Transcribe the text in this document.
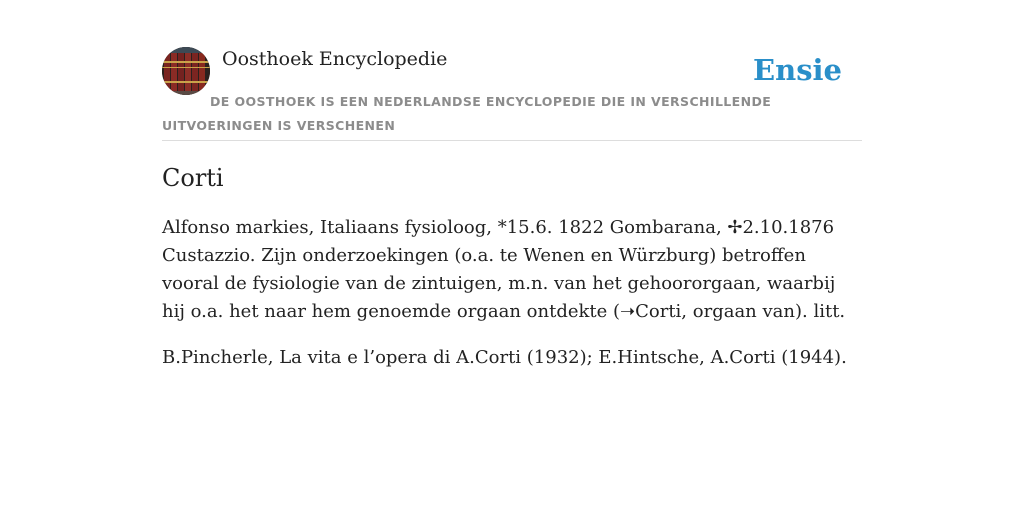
Oosthoek Encyclopedie	Ensie
DE OOSTHOEK IS EEN NEDERLANDSE ENCYCLOPEDIE DIE IN VERSCHILLENDE UITVOERINGEN IS VERSCHENEN
Corti

Alfonso markies, Italiaans fysioloog, *15.6. 1822 Gombarana, ✢2.10.1876 Custazzio. Zijn onderzoekingen (o.a. te Wenen en Würzburg) betroffen vooral de fysiologie van de zintuigen, m.n. van het gehoororgaan, waarbij hij o.a. het naar hem genoemde orgaan ontdekte (➝Corti, orgaan van). litt.

B.Pincherle, La vita e l’opera di A.Corti (1932); E.Hintsche, A.Corti (1944).
